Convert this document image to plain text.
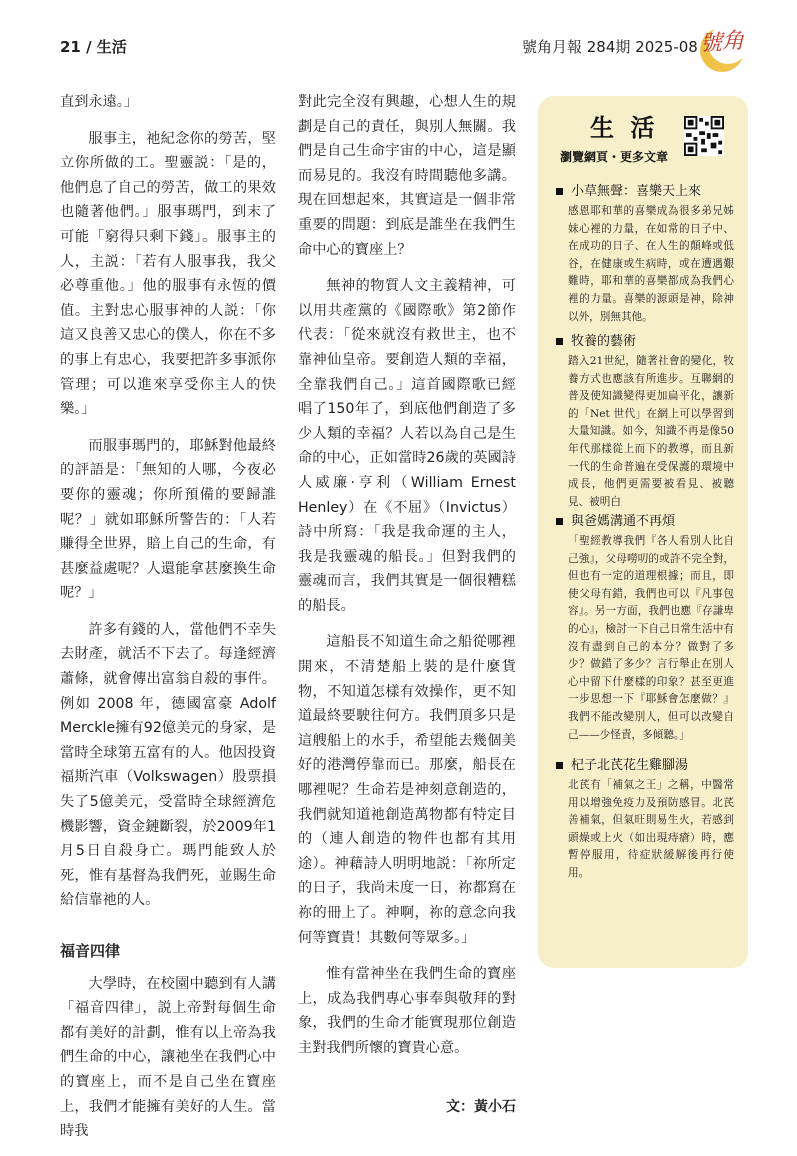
21 / 生活	號角月報 284期 2025-08 號 角

直到永遠。」

服事主，祂紀念你的勞苦，堅立你所做的工。聖靈説：「是的，他們息了自己的勞苦，做工的果效也隨著他們。」服事瑪門，到末了可能「窮得只剩下錢」。服事主的人，主説：「若有人服事我，我父必尊重他。」他的服事有永恆的價值。主對忠心服事神的人説：「你這又良善又忠心的僕人，你在不多的事上有忠心，我要把許多事派你管理；可以進來享受你主人的快樂。」

而服事瑪門的，耶穌對他最終的評語是：「無知的人哪，今夜必要你的靈魂；你所預備的要歸誰呢？」就如耶穌所警告的：「人若賺得全世界，賠上自己的生命，有甚麼益處呢？人還能拿甚麼換生命呢？」

許多有錢的人，當他們不幸失去財產，就活不下去了。每逢經濟蕭條，就會傳出富翁自殺的事件。例如 2008 年，德國富豪 Adolf Merckle擁有92億美元的身家，是當時全球第五富有的人。他因投資福斯汽車（Volkswagen）股票損失了5億美元，受當時全球經濟危機影響，資金鏈斷裂，於2009年1月5日自殺身亡。瑪門能致人於死，惟有基督為我們死，並賜生命給信靠祂的人。

福音四律

大學時，在校園中聽到有人講「福音四律」，説上帝對每個生命都有美好的計劃，惟有以上帝為我們生命的中心，讓祂坐在我們心中的寶座上，而不是自己坐在寶座上，我們才能擁有美好的人生。當時我

對此完全沒有興趣，心想人生的規劃是自己的責任，與別人無關。我們是自己生命宇宙的中心，這是顯而易見的。我沒有時間聽他多講。現在回想起來，其實這是一個非常重要的問題：到底是誰坐在我們生命中心的寶座上？

無神的物質人文主義精神，可以用共產黨的《國際歌》第2節作代表：「從來就沒有救世主，也不靠神仙皇帝。要創造人類的幸福，全靠我們自己。」這首國際歌已經唱了150年了，到底他們創造了多少人類的幸福？人若以為自己是生命的中心，正如當時26歲的英國詩人威廉·亨利（William Ernest Henley）在《不屈》（Invictus）詩中所寫：「我是我命運的主人，我是我靈魂的船長。」但對我們的靈魂而言，我們其實是一個很糟糕的船長。

這船長不知道生命之船從哪裡開來，不清楚船上裝的是什麼貨物，不知道怎樣有效操作，更不知道最終要駛往何方。我們頂多只是這艘船上的水手，希望能去幾個美好的港灣停靠而已。那麼，船長在哪裡呢？生命若是神刻意創造的，我們就知道祂創造萬物都有特定目的（連人創造的物件也都有其用途）。神藉詩人明明地説：「祢所定的日子，我尚未度一日，祢都寫在祢的冊上了。神啊，祢的意念向我何等寶貴！其數何等眾多。」

惟有當神坐在我們生命的寶座上，成為我們專心事奉與敬拜的對象，我們的生命才能實現那位創造主對我們所懷的寶貴心意。

文：黃小石

生 活
瀏覽網頁・更多文章
小草無聲：喜樂天上來
感恩耶和華的喜樂成為很多弟兄姊妹心裡的力量，在如常的日子中、在成功的日子、在人生的顛峰或低谷，在健康或生病時，或在遭遇艱難時，耶和華的喜樂都成為我們心裡的力量。喜樂的源頭是神，除神以外，別無其他。
牧養的藝術
踏入21世紀，隨著社會的變化，牧養方式也應該有所進步。互聯網的普及使知識變得更加扁平化，讓新的「Net 世代」在網上可以學習到大量知識。如今，知識不再是像50年代那樣從上而下的教導，而且新一代的生命普遍在受保護的環境中成長，他們更需要被看見、被聽見、被明白
與爸媽溝通不再煩
「聖經教導我們『各人看別人比自己強』，父母嘮叨的或許不完全對，但也有一定的道理根據；而且，即使父母有錯，我們也可以『凡事包容』。另一方面，我們也應『存謙卑的心』，檢討一下自己日常生活中有沒有盡到自己的本分？做對了多少？做錯了多少？言行舉止在別人心中留下什麼樣的印象？甚至更進一步思想一下『耶穌會怎麼做？』我們不能改變別人，但可以改變自己——少怪責，多傾聽。」
杞子北芪花生雞腳湯
北芪有「補氣之王」之稱，中醫常用以增強免疫力及預防感冒。北芪善補氣，但氣旺則易生火，若感到頭燥或上火（如出現痔瘡）時，應暫停服用，待症狀緩解後再行使用。
